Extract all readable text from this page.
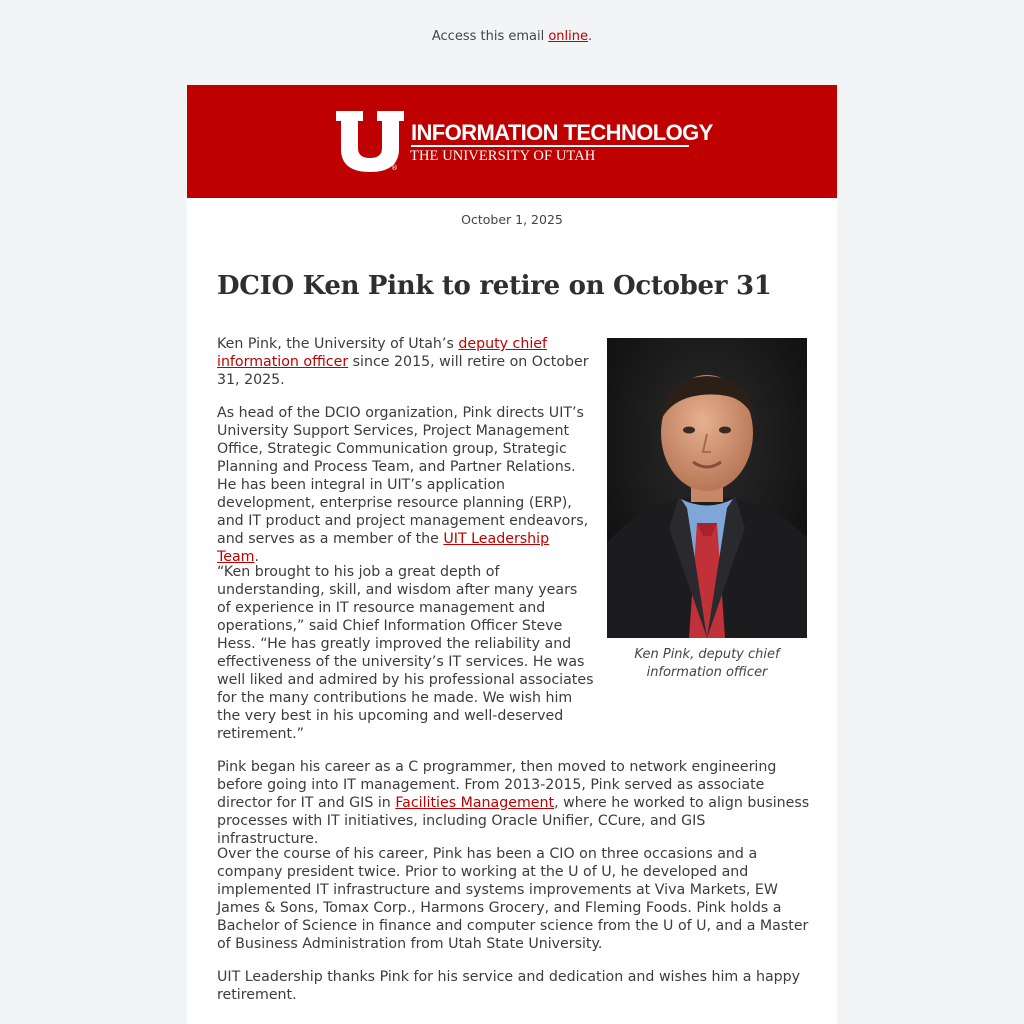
Access this email online.
®
INFORMATION TECHNOLOGY
THE UNIVERSITY OF UTAH
October 1, 2025
DCIO Ken Pink to retire on October 31
Ken Pink, deputy chief information officer

Ken Pink, the University of Utah’s deputy chief information officer since 2015, will retire on October 31, 2025.

As head of the DCIO organization, Pink directs UIT’s University Support Services, Project Management Office, Strategic Communication group, Strategic Planning and Process Team, and Partner Relations. He has been integral in UIT’s application development, enterprise resource planning (ERP), and IT product and project management endeavors, and serves as a member of the UIT Leadership Team.

“Ken brought to his job a great depth of understanding, skill, and wisdom after many years of experience in IT resource management and operations,” said Chief Information Officer Steve Hess. “He has greatly improved the reliability and effectiveness of the university’s IT services. He was well liked and admired by his professional associates for the many contributions he made. We wish him the very best in his upcoming and well-deserved retirement.”

Pink began his career as a C programmer, then moved to network engineering before going into IT management. From 2013-2015, Pink served as associate director for IT and GIS in Facilities Management, where he worked to align business processes with IT initiatives, including Oracle Unifier, CCure, and GIS infrastructure.

Over the course of his career, Pink has been a CIO on three occasions and a company president twice. Prior to working at the U of U, he developed and implemented IT infrastructure and systems improvements at Viva Markets, EW James & Sons, Tomax Corp., Harmons Grocery, and Fleming Foods. Pink holds a Bachelor of Science in finance and computer science from the U of U, and a Master of Business Administration from Utah State University.

UIT Leadership thanks Pink for his service and dedication and wishes him a happy retirement.
